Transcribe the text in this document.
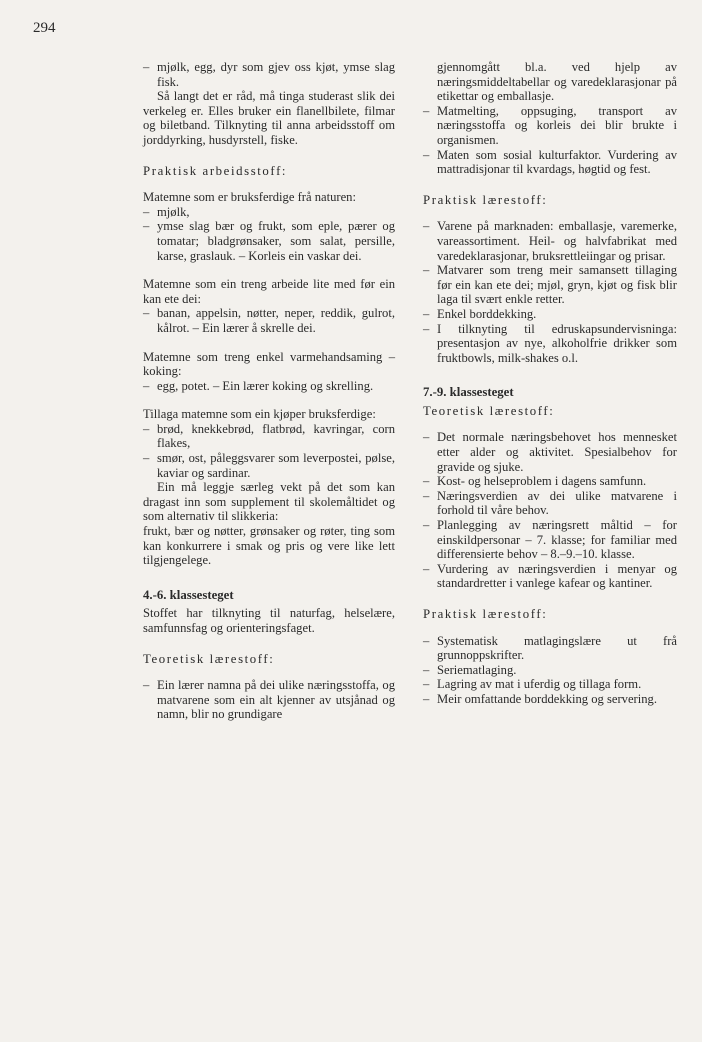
294
– mjølk, egg, dyr som gjev oss kjøt, ymse slag fisk.

Så langt det er råd, må tinga studerast slik dei verkeleg er. Elles bruker ein flanellbilete, filmar og biletband. Tilknyting til anna arbeidsstoff om jorddyrking, husdyrstell, fiske.

Praktisk arbeidsstoff:

Matemne som er bruksferdige frå naturen:

– mjølk,
– ymse slag bær og frukt, som eple, pærer og tomatar; bladgrønsaker, som salat, persille, karse, graslauk. – Korleis ein vaskar dei.

Matemne som ein treng arbeide lite med før ein kan ete dei:

– banan, appelsin, nøtter, neper, reddik, gulrot, kålrot. – Ein lærer å skrelle dei.

Matemne som treng enkel varmehandsaming – koking:

– egg, potet. – Ein lærer koking og skrelling.

Tillaga matemne som ein kjøper bruksferdige:

– brød, knekkebrød, flatbrød, kavringar, corn flakes,
– smør, ost, påleggsvarer som leverpostei, pølse, kaviar og sardinar.

Ein må leggje særleg vekt på det som kan dragast inn som supplement til skolemåltidet og som alternativ til slikkeria:

frukt, bær og nøtter, grønsaker og røter, ting som kan konkurrere i smak og pris og vere like lett tilgjengelege.

4.-6. klassesteget

Stoffet har tilknyting til naturfag, helselære, samfunnsfag og orienteringsfaget.

Teoretisk lærestoff:
– Ein lærer namna på dei ulike næringsstoffa, og matvarene som ein alt kjenner av utsjånad og namn, blir no grundigare

gjennomgått bl.a. ved hjelp av næringsmiddeltabellar og varedeklarasjonar på etikettar og emballasje.

– Matmelting, oppsuging, transport av næringsstoffa og korleis dei blir brukte i organismen.
– Maten som sosial kulturfaktor. Vurdering av mattradisjonar til kvardags, høgtid og fest.
Praktisk lærestoff:
– Varene på marknaden: emballasje, varemerke, vareassortiment. Heil- og halvfabrikat med varedeklarasjonar, bruksrettleiingar og prisar.
– Matvarer som treng meir samansett tillaging før ein kan ete dei; mjøl, gryn, kjøt og fisk blir laga til svært enkle retter.
– Enkel borddekking.
– I tilknyting til edruskapsundervisninga: presentasjon av nye, alkoholfrie drikker som fruktbowls, milk-shakes o.l.
7.-9. klassesteget
Teoretisk lærestoff:
– Det normale næringsbehovet hos mennesket etter alder og aktivitet. Spesialbehov for gravide og sjuke.
– Kost- og helseproblem i dagens samfunn.
– Næringsverdien av dei ulike matvarene i forhold til våre behov.
– Planlegging av næringsrett måltid – for einskildpersonar – 7. klasse; for familiar med differensierte behov – 8.–9.–10. klasse.
– Vurdering av næringsverdien i menyar og standardretter i vanlege kafear og kantiner.
Praktisk lærestoff:
– Systematisk matlagingslære ut frå grunnoppskrifter.
– Seriematlaging.
– Lagring av mat i uferdig og tillaga form.
– Meir omfattande borddekking og servering.
